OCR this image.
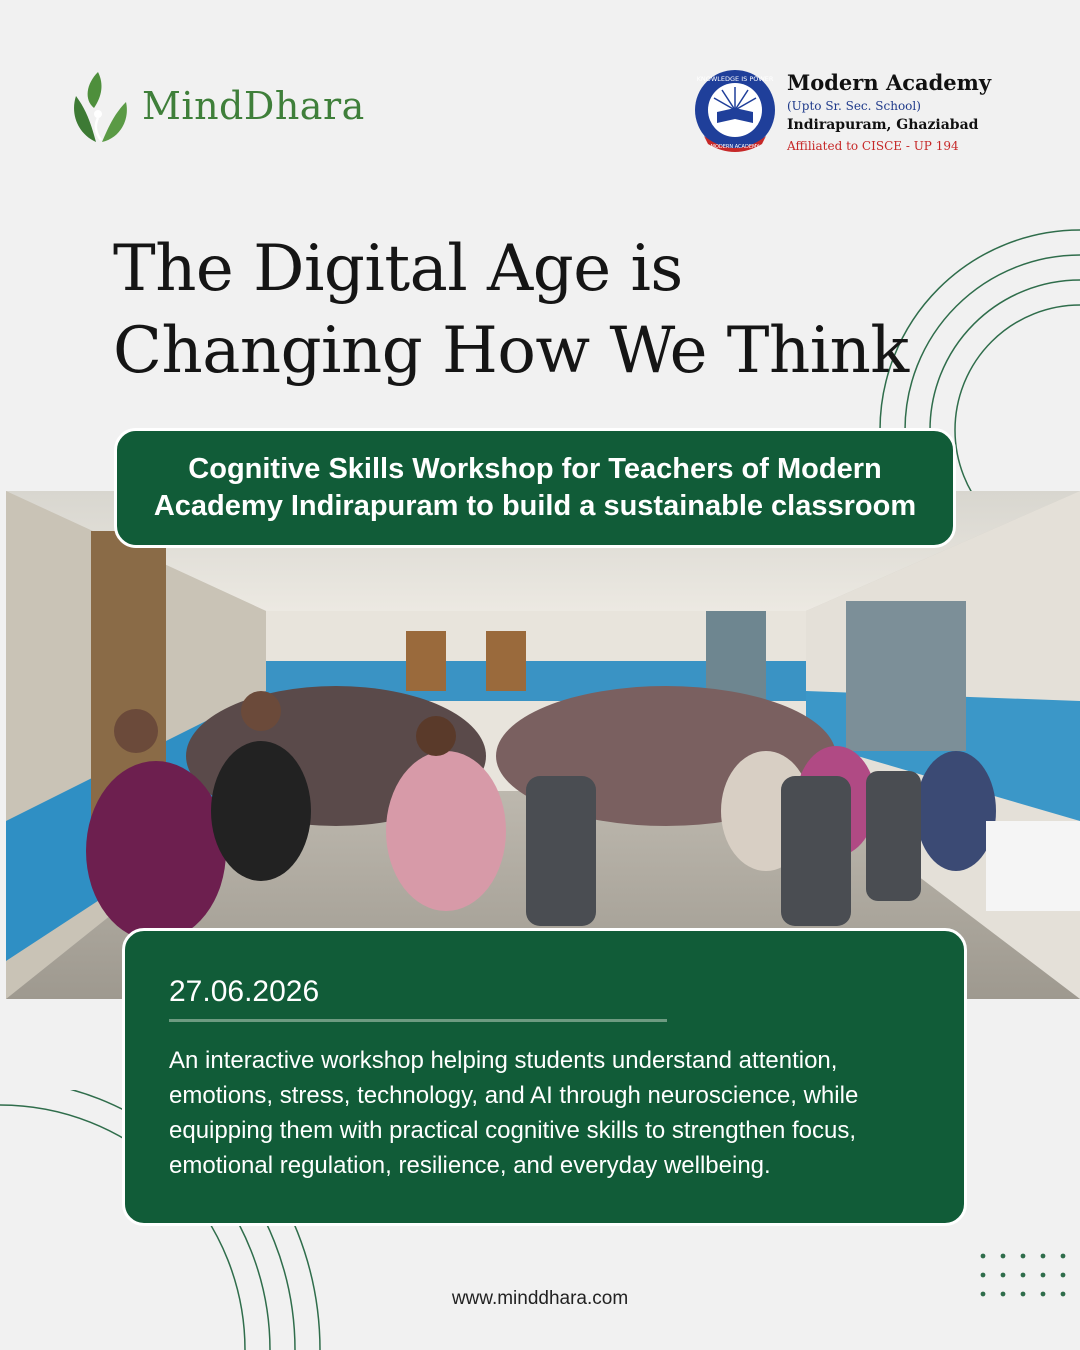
MindDhara
KNOWLEDGE IS POWER
MODERN ACADEMY
Modern Academy
(Upto Sr. Sec. School)
Indirapuram, Ghaziabad
Affiliated to CISCE - UP 194
The Digital Age is
Changing How We Think
Cognitive Skills Workshop for Teachers of Modern
Academy Indirapuram to build a sustainable classroom
27.06.2026
An interactive workshop helping students understand attention, emotions, stress, technology, and AI through neuroscience, while equipping them with practical cognitive skills to strengthen focus, emotional regulation, resilience, and everyday wellbeing.
www.minddhara.com
